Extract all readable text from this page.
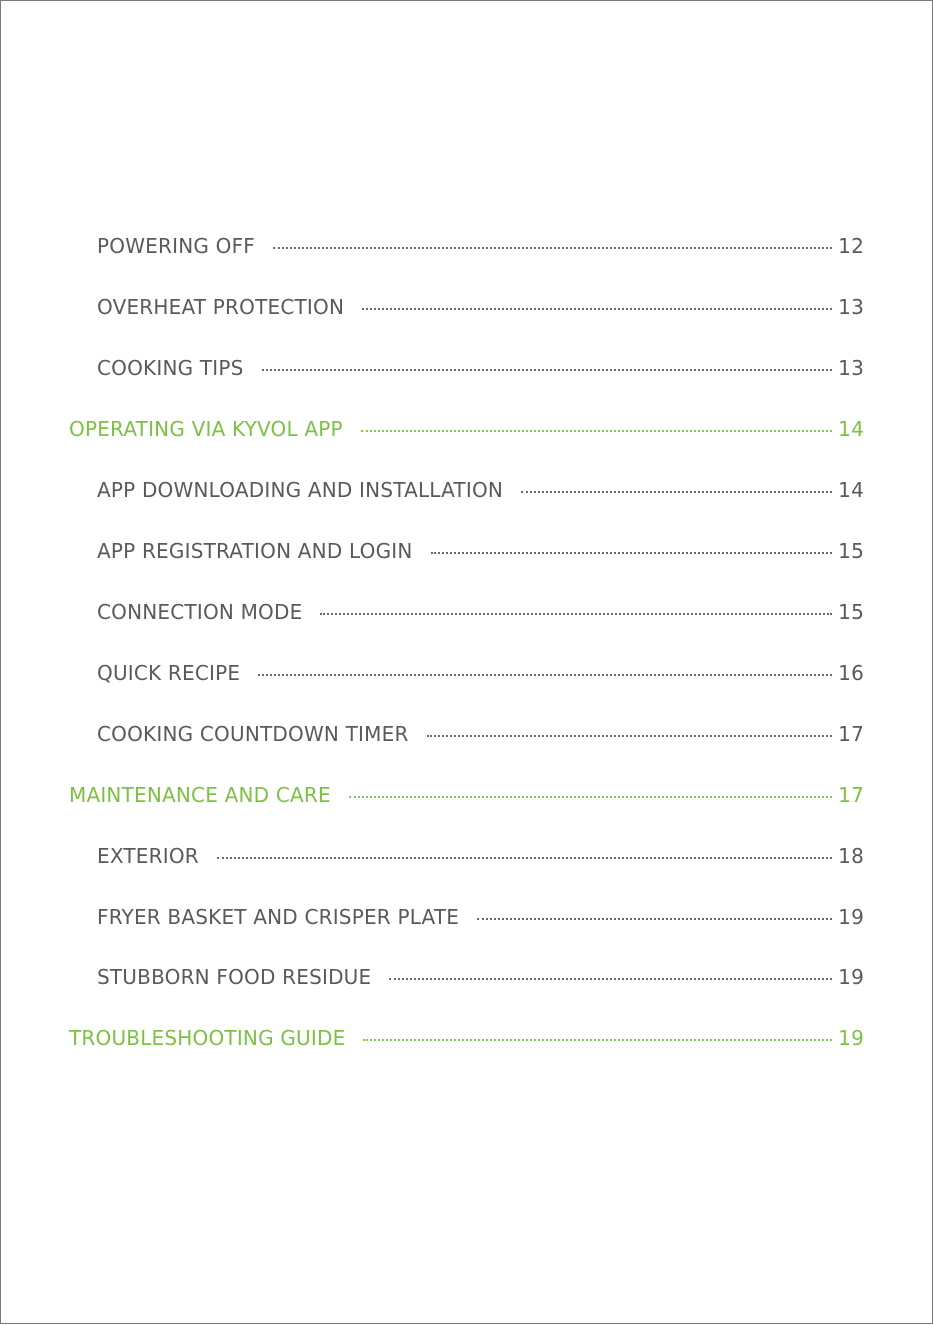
POWERING OFF	12
OVERHEAT PROTECTION	13
COOKING TIPS	13
OPERATING VIA KYVOL APP	14
APP DOWNLOADING AND INSTALLATION	14
APP REGISTRATION AND LOGIN	15
CONNECTION MODE	15
QUICK RECIPE	16
COOKING COUNTDOWN TIMER	17
MAINTENANCE AND CARE	17
EXTERIOR	18
FRYER BASKET AND CRISPER PLATE	19
STUBBORN FOOD RESIDUE	19
TROUBLESHOOTING GUIDE	19
